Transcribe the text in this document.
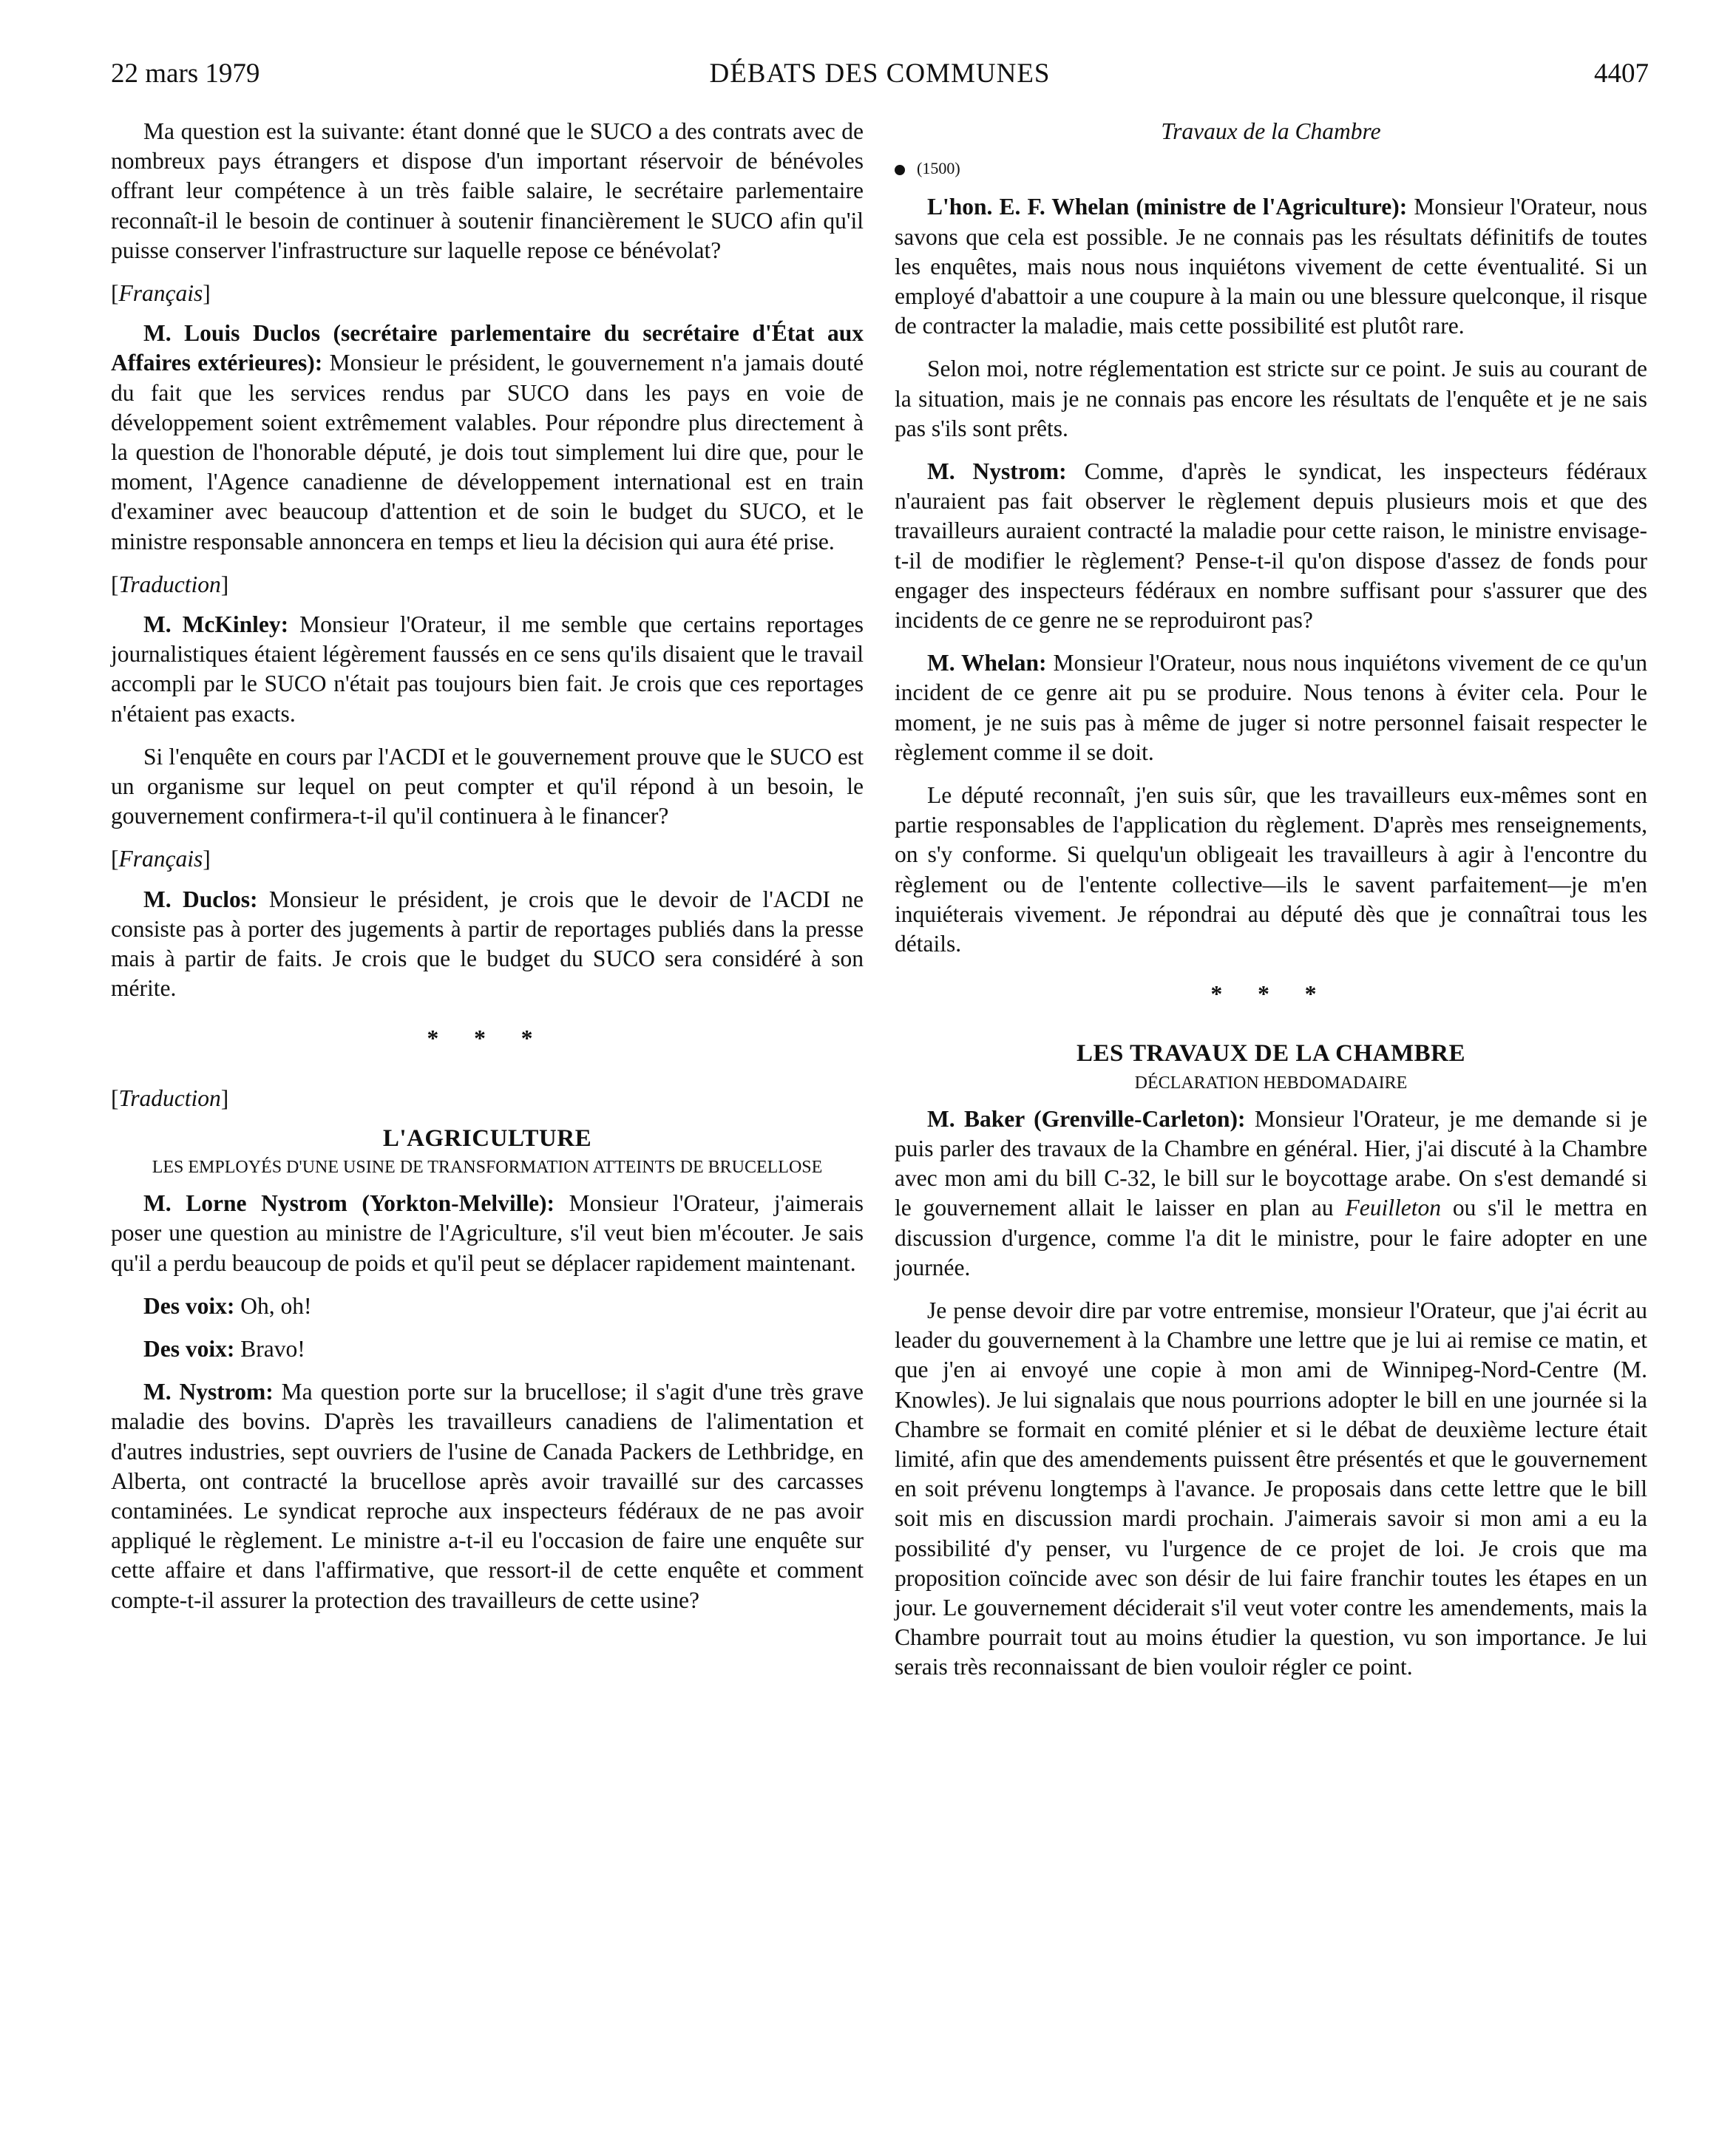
22 mars 1979	DÉBATS DES COMMUNES	4407

Ma question est la suivante: étant donné que le SUCO a des contrats avec de nombreux pays étrangers et dispose d'un important réservoir de bénévoles offrant leur compétence à un très faible salaire, le secrétaire parlementaire reconnaît-il le besoin de continuer à soutenir financièrement le SUCO afin qu'il puisse conserver l'infrastructure sur laquelle repose ce bénévolat?

[Français]

M. Louis Duclos (secrétaire parlementaire du secrétaire d'État aux Affaires extérieures): Monsieur le président, le gouvernement n'a jamais douté du fait que les services rendus par SUCO dans les pays en voie de développement soient extrêmement valables. Pour répondre plus directement à la question de l'honorable député, je dois tout simplement lui dire que, pour le moment, l'Agence canadienne de développement international est en train d'examiner avec beaucoup d'attention et de soin le budget du SUCO, et le ministre responsable annoncera en temps et lieu la décision qui aura été prise.

[Traduction]

M. McKinley: Monsieur l'Orateur, il me semble que certains reportages journalistiques étaient légèrement faussés en ce sens qu'ils disaient que le travail accompli par le SUCO n'était pas toujours bien fait. Je crois que ces reportages n'étaient pas exacts.

Si l'enquête en cours par l'ACDI et le gouvernement prouve que le SUCO est un organisme sur lequel on peut compter et qu'il répond à un besoin, le gouvernement confirmera-t-il qu'il continuera à le financer?

[Français]

M. Duclos: Monsieur le président, je crois que le devoir de l'ACDI ne consiste pas à porter des jugements à partir de reportages publiés dans la presse mais à partir de faits. Je crois que le budget du SUCO sera considéré à son mérite.

* * *

[Traduction]

L'AGRICULTURE
LES EMPLOYÉS D'UNE USINE DE TRANSFORMATION ATTEINTS DE BRUCELLOSE

M. Lorne Nystrom (Yorkton-Melville): Monsieur l'Orateur, j'aimerais poser une question au ministre de l'Agriculture, s'il veut bien m'écouter. Je sais qu'il a perdu beaucoup de poids et qu'il peut se déplacer rapidement maintenant.

Des voix: Oh, oh!

Des voix: Bravo!

M. Nystrom: Ma question porte sur la brucellose; il s'agit d'une très grave maladie des bovins. D'après les travailleurs canadiens de l'alimentation et d'autres industries, sept ouvriers de l'usine de Canada Packers de Lethbridge, en Alberta, ont contracté la brucellose après avoir travaillé sur des carcasses contaminées. Le syndicat reproche aux inspecteurs fédéraux de ne pas avoir appliqué le règlement. Le ministre a-t-il eu l'occasion de faire une enquête sur cette affaire et dans l'affirmative, que ressort-il de cette enquête et comment compte-t-il assurer la protection des travailleurs de cette usine?

Travaux de la Chambre
(1500)

L'hon. E. F. Whelan (ministre de l'Agriculture): Monsieur l'Orateur, nous savons que cela est possible. Je ne connais pas les résultats définitifs de toutes les enquêtes, mais nous nous inquiétons vivement de cette éventualité. Si un employé d'abattoir a une coupure à la main ou une blessure quelconque, il risque de contracter la maladie, mais cette possibilité est plutôt rare.

Selon moi, notre réglementation est stricte sur ce point. Je suis au courant de la situation, mais je ne connais pas encore les résultats de l'enquête et je ne sais pas s'ils sont prêts.

M. Nystrom: Comme, d'après le syndicat, les inspecteurs fédéraux n'auraient pas fait observer le règlement depuis plusieurs mois et que des travailleurs auraient contracté la maladie pour cette raison, le ministre envisage-t-il de modifier le règlement? Pense-t-il qu'on dispose d'assez de fonds pour engager des inspecteurs fédéraux en nombre suffisant pour s'assurer que des incidents de ce genre ne se reproduiront pas?

M. Whelan: Monsieur l'Orateur, nous nous inquiétons vivement de ce qu'un incident de ce genre ait pu se produire. Nous tenons à éviter cela. Pour le moment, je ne suis pas à même de juger si notre personnel faisait respecter le règlement comme il se doit.

Le député reconnaît, j'en suis sûr, que les travailleurs eux-mêmes sont en partie responsables de l'application du règlement. D'après mes renseignements, on s'y conforme. Si quelqu'un obligeait les travailleurs à agir à l'encontre du règlement ou de l'entente collective—ils le savent parfaitement—je m'en inquiéterais vivement. Je répondrai au député dès que je connaîtrai tous les détails.

* * *
LES TRAVAUX DE LA CHAMBRE
DÉCLARATION HEBDOMADAIRE

M. Baker (Grenville-Carleton): Monsieur l'Orateur, je me demande si je puis parler des travaux de la Chambre en général. Hier, j'ai discuté à la Chambre avec mon ami du bill C-32, le bill sur le boycottage arabe. On s'est demandé si le gouvernement allait le laisser en plan au Feuilleton ou s'il le mettra en discussion d'urgence, comme l'a dit le ministre, pour le faire adopter en une journée.

Je pense devoir dire par votre entremise, monsieur l'Orateur, que j'ai écrit au leader du gouvernement à la Chambre une lettre que je lui ai remise ce matin, et que j'en ai envoyé une copie à mon ami de Winnipeg-Nord-Centre (M. Knowles). Je lui signalais que nous pourrions adopter le bill en une journée si la Chambre se formait en comité plénier et si le débat de deuxième lecture était limité, afin que des amendements puissent être présentés et que le gouvernement en soit prévenu longtemps à l'avance. Je proposais dans cette lettre que le bill soit mis en discussion mardi prochain. J'aimerais savoir si mon ami a eu la possibilité d'y penser, vu l'urgence de ce projet de loi. Je crois que ma proposition coïncide avec son désir de lui faire franchir toutes les étapes en un jour. Le gouvernement déciderait s'il veut voter contre les amendements, mais la Chambre pourrait tout au moins étudier la question, vu son importance. Je lui serais très reconnaissant de bien vouloir régler ce point.
